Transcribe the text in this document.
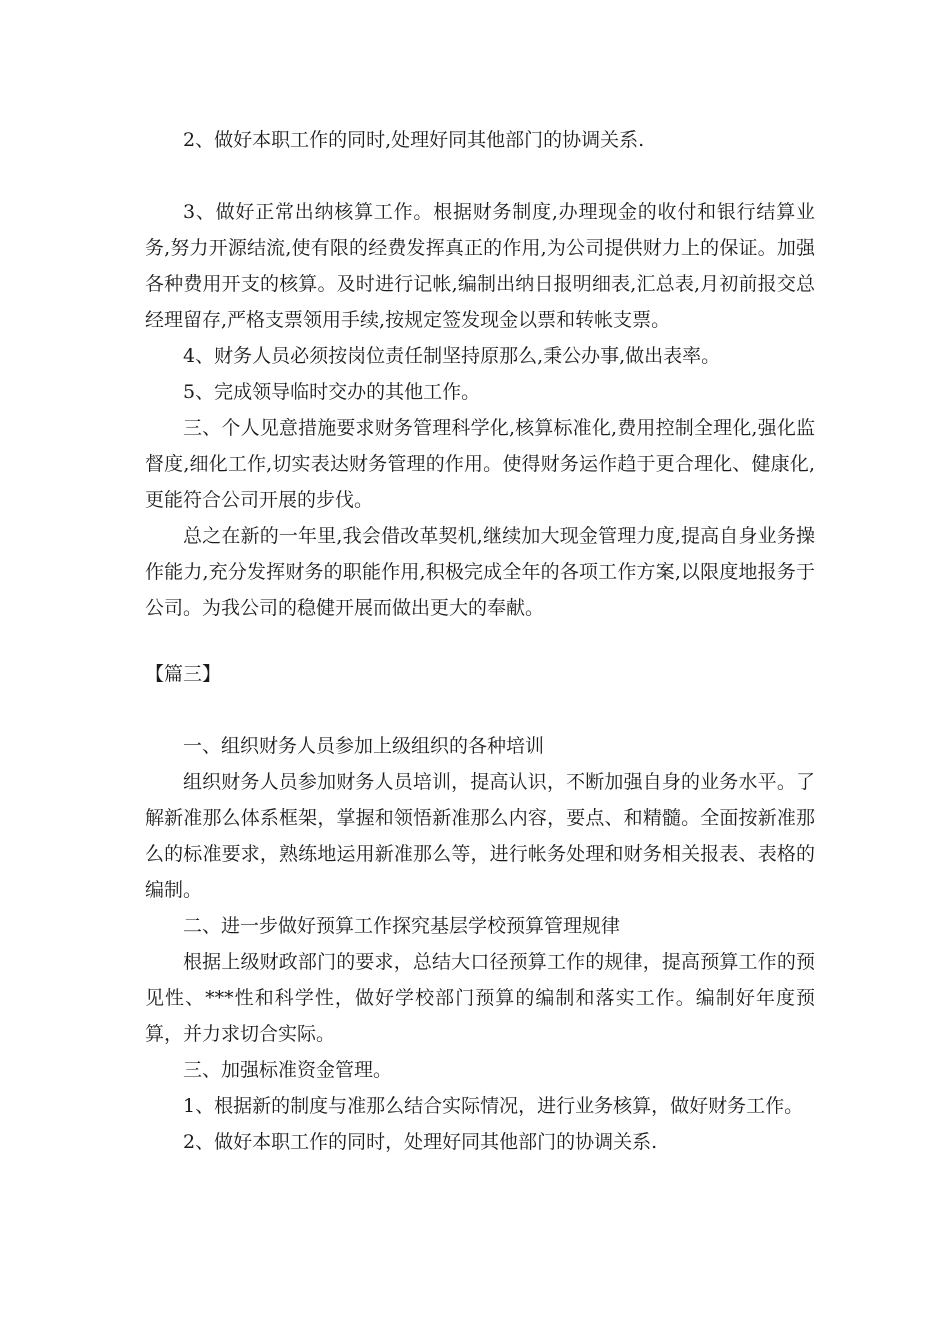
2、做好本职工作的同时,处理好同其他部门的协调关系.

3、做好正常出纳核算工作。根据财务制度,办理现金的收付和银行结算业务,努力开源结流,使有限的经费发挥真正的作用,为公司提供财力上的保证。加强各种费用开支的核算。及时进行记帐,编制出纳日报明细表,汇总表,月初前报交总经理留存,严格支票领用手续,按规定签发现金以票和转帐支票。

4、财务人员必须按岗位责任制坚持原那么,秉公办事,做出表率。

5、完成领导临时交办的其他工作。

三、个人见意措施要求财务管理科学化,核算标准化,费用控制全理化,强化监督度,细化工作,切实表达财务管理的作用。使得财务运作趋于更合理化、健康化,更能符合公司开展的步伐。

总之在新的一年里,我会借改革契机,继续加大现金管理力度,提高自身业务操作能力,充分发挥财务的职能作用,积极完成全年的各项工作方案,以限度地报务于公司。为我公司的稳健开展而做出更大的奉献。

【篇三】

一、组织财务人员参加上级组织的各种培训

组织财务人员参加财务人员培训，提高认识，不断加强自身的业务水平。了解新准那么体系框架，掌握和领悟新准那么内容，要点、和精髓。全面按新准那么的标准要求，熟练地运用新准那么等，进行帐务处理和财务相关报表、表格的编制。

二、进一步做好预算工作探究基层学校预算管理规律

根据上级财政部门的要求，总结大口径预算工作的规律，提高预算工作的预见性、***性和科学性，做好学校部门预算的编制和落实工作。编制好年度预算，并力求切合实际。

三、加强标准资金管理。

1、根据新的制度与准那么结合实际情况，进行业务核算，做好财务工作。

2、做好本职工作的同时，处理好同其他部门的协调关系.
